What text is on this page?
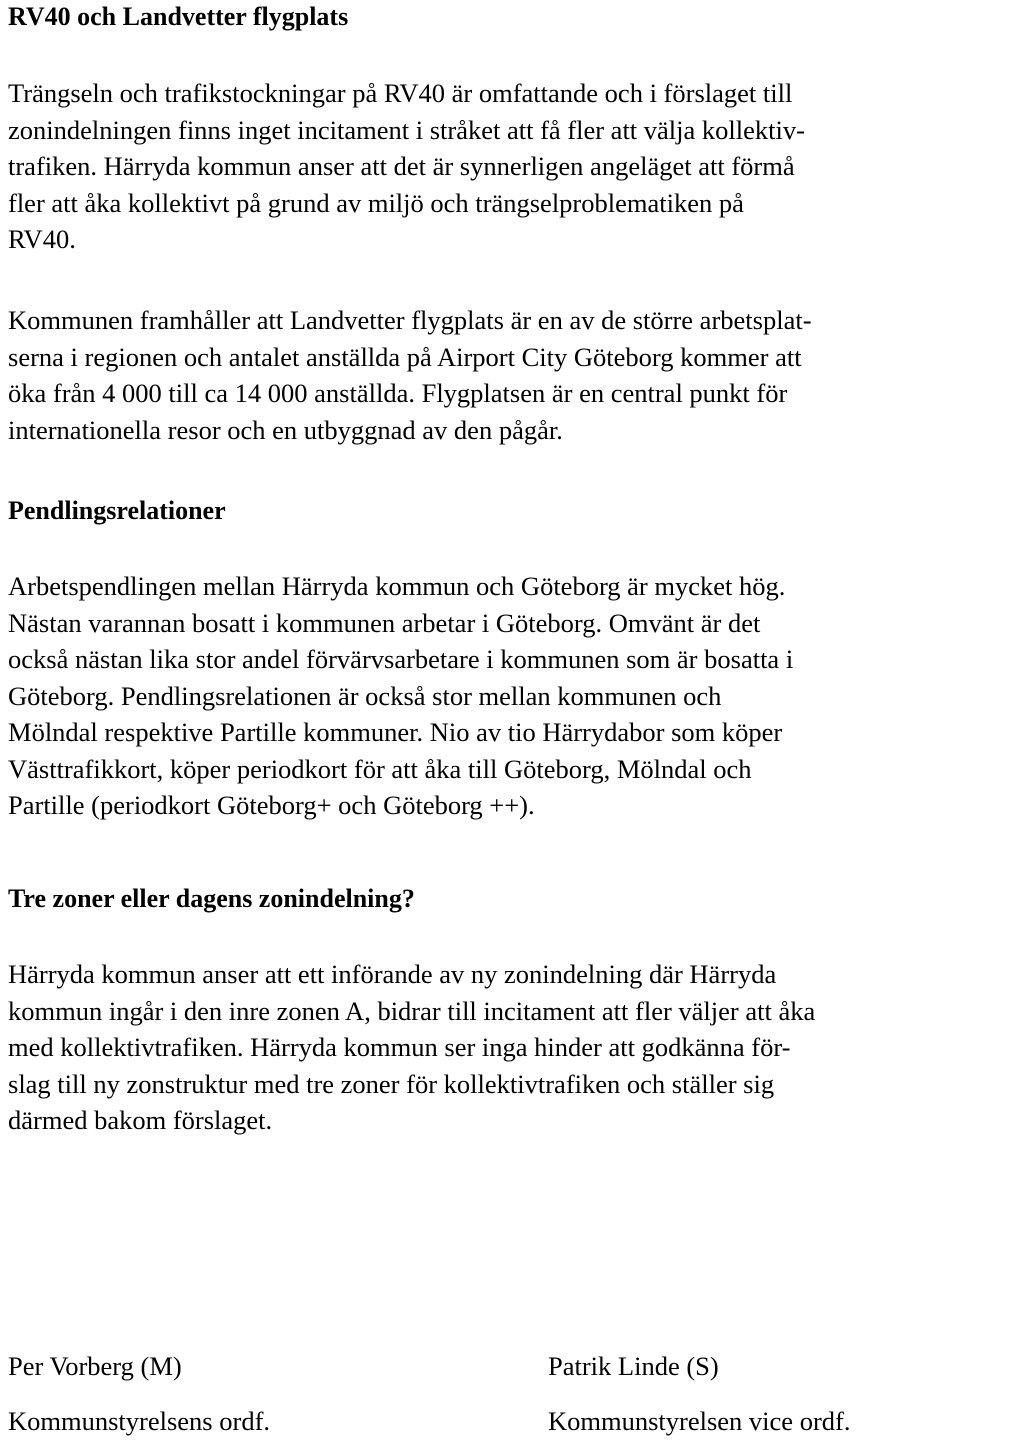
RV40 och Landvetter flygplats

Trängseln och trafikstockningar på RV40 är omfattande och i förslaget till
zonindelningen finns inget incitament i stråket att få fler att välja kollektiv-
trafiken. Härryda kommun anser att det är synnerligen angeläget att förmå
fler att åka kollektivt på grund av miljö och trängselproblematiken på
RV40.

Kommunen framhåller att Landvetter flygplats är en av de större arbetsplat-
serna i regionen och antalet anställda på Airport City Göteborg kommer att
öka från 4 000 till ca 14 000 anställda. Flygplatsen är en central punkt för
internationella resor och en utbyggnad av den pågår.

Pendlingsrelationer

Arbetspendlingen mellan Härryda kommun och Göteborg är mycket hög.
Nästan varannan bosatt i kommunen arbetar i Göteborg. Omvänt är det
också nästan lika stor andel förvärvsarbetare i kommunen som är bosatta i
Göteborg. Pendlingsrelationen är också stor mellan kommunen och
Mölndal respektive Partille kommuner. Nio av tio Härrydabor som köper
Västtrafikkort, köper periodkort för att åka till Göteborg, Mölndal och
Partille (periodkort Göteborg+ och Göteborg ++).

Tre zoner eller dagens zonindelning?

Härryda kommun anser att ett införande av ny zonindelning där Härryda
kommun ingår i den inre zonen A, bidrar till incitament att fler väljer att åka
med kollektivtrafiken. Härryda kommun ser inga hinder att godkänna för-
slag till ny zonstruktur med tre zoner för kollektivtrafiken och ställer sig
därmed bakom förslaget.

Per Vorberg (M)
Kommunstyrelsens ordf.
Patrik Linde (S)
Kommunstyrelsen vice ordf.
